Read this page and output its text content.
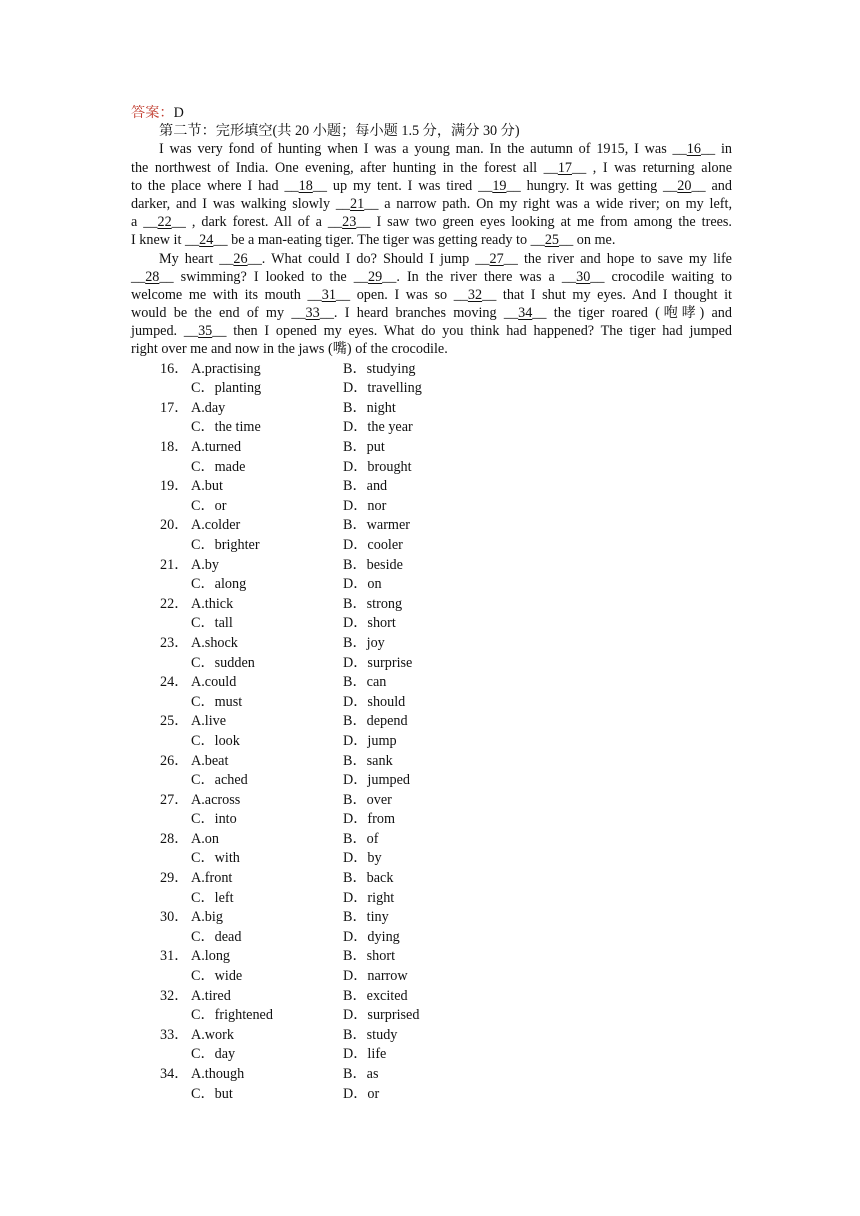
答案：D
第二节：完形填空(共 20 小题；每小题 1.5 分，满分 30 分)
I was very fond of hunting when I was a young man. In the autumn of 1915, I was __16__ in
the northwest of India. One evening, after hunting in the forest all __17__ , I was returning alone
to the place where I had __18__ up my tent. I was tired __19__ hungry. It was getting __20__ and
darker, and I was walking slowly __21__ a narrow path. On my right was a wide river; on my left,
a __22__ , dark forest. All of a __23__ I saw two green eyes looking at me from among the trees.
I knew it __24__ be a man-eating tiger. The tiger was getting ready to __25__ on me.
My heart __26__. What could I do? Should I jump __27__ the river and hope to save my life
__28__ swimming? I looked to the __29__. In the river there was a __30__ crocodile waiting to
welcome me with its mouth __31__ open. I was so __32__ that I shut my eyes. And I thought it
would be the end of my __33__. I heard branches moving __34__ the tiger roared (咆哮) and
jumped. __35__ then I opened my eyes. What do you think had happened? The tiger had jumped
right over me and now in the jaws (嘴) of the crocodile.
16． A.practising	B．studying
C．planting	D．travelling
17． A.day	B．night
C．the time	D．the year
18． A.turned	B．put
C．made	D．brought
19． A.but	B．and
C．or	D．nor
20． A.colder	B．warmer
C．brighter	D．cooler
21． A.by	B．beside
C．along	D．on
22． A.thick	B．strong
C．tall	D．short
23． A.shock	B．joy
C．sudden	D．surprise
24． A.could	B．can
C．must	D．should
25． A.live	B．depend
C．look	D．jump
26． A.beat	B．sank
C．ached	D．jumped
27． A.across	B．over
C．into	D．from
28． A.on	B．of
C．with	D．by
29． A.front	B．back
C．left	D．right
30． A.big	B．tiny
C．dead	D．dying
31． A.long	B．short
C．wide	D．narrow
32． A.tired	B．excited
C．frightened	D．surprised
33． A.work	B．study
C．day	D．life
34． A.though	B．as
C．but	D．or
